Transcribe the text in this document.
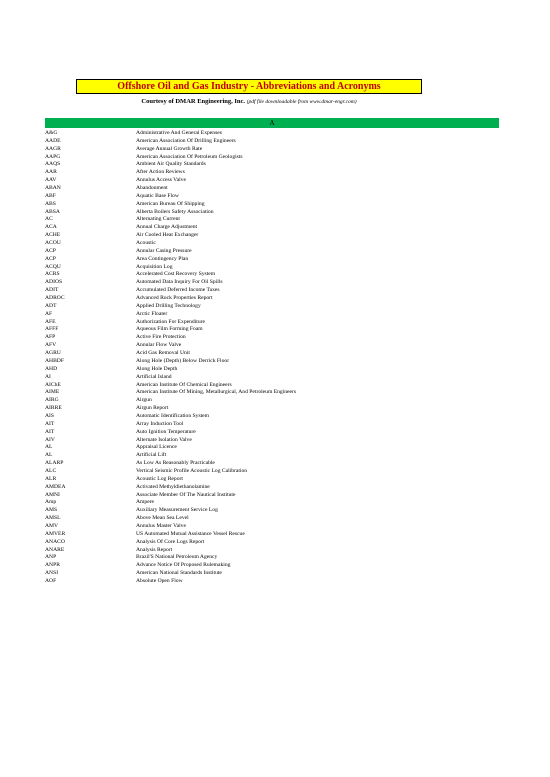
Offshore Oil and Gas Industry - Abbreviations and Acronyms
Courtesy of DMAR Engineering, Inc. (pdf file downloadable from www.dmar-engr.com)
A
A&G	Administrative And General Expenses
AADE	American Association Of Drilling Engineers
AAGR	Average Annual Growth Rate
AAPG	American Association Of Petroleum Geologists
AAQS	Ambient Air Quality Standards
AAR	After Action Reviews
AAV	Annulus Access Valve
ABAN	Abandonment
ABF	Aquatic Base Flow
ABS	American Bureau Of Shipping
ABSA	Alberta Boilers Safety Association
AC	Alternating Current
ACA	Annual Charge Adjustment
ACHE	Air Cooled Heat Exchanger
ACOU	Acoustic
ACP	Annular Casing Pressure
ACP	Area Contingency Plan
ACQU	Acquisition Log
ACRS	Accelerated Cost Recovery System
ADIOS	Automated Data Inquiry For Oil Spills
ADIT	Accumulated Deferred Income Taxes
ADROC	Advanced Rock Properties Report
ADT	Applied Drilling Technology
AF	Arctic Floater
AFE	Authorization For Expenditure
AFFF	Aqueous Film Forming Foam
AFP	Active Fire Protection
AFV	Annular Flow Valve
AGRU	Acid Gas Removal Unit
AHBDF	Along Hole (Depth) Below Derrick Floor
AHD	Along Hole Depth
AI	Artificial Island
AIChE	American Institute Of Chemical Engineers
AIME	American Institute Of Mining, Metallurgical, And Petroleum Engineers
AIRG	Airgun
AIRRE	Airgun Report
AIS	Automatic Identification System
AIT	Array Induction Tool
AIT	Auto Ignition Temperature
AIV	Alternate Isolation Valve
AL	Appraisal Licence
AL	Artificial Lift
ALARP	As Low As Reasonably Practicable
ALC	Vertical Seismic Profile Acoustic Log Calibration
ALR	Acoustic Log Report
AMDEA	Activated Methyldiethanolamine
AMNI	Associate Member Of The Nautical Institute
Amp	Ampere
AMS	Auxiliary Measurement Service Log
AMSL	Above Mean Sea Level
AMV	Annulus Master Valve
AMVER	US Automated Mutual Assistance Vessel Rescue
ANACO	Analysis Of Core Logs Report
ANARE	Analysis Report
ANP	Brazil'S National Petroleum Agency
ANPR	Advance Notice Of Proposed Rulemaking
ANSI	American National Standards Institute
AOF	Absolute Open Flow
